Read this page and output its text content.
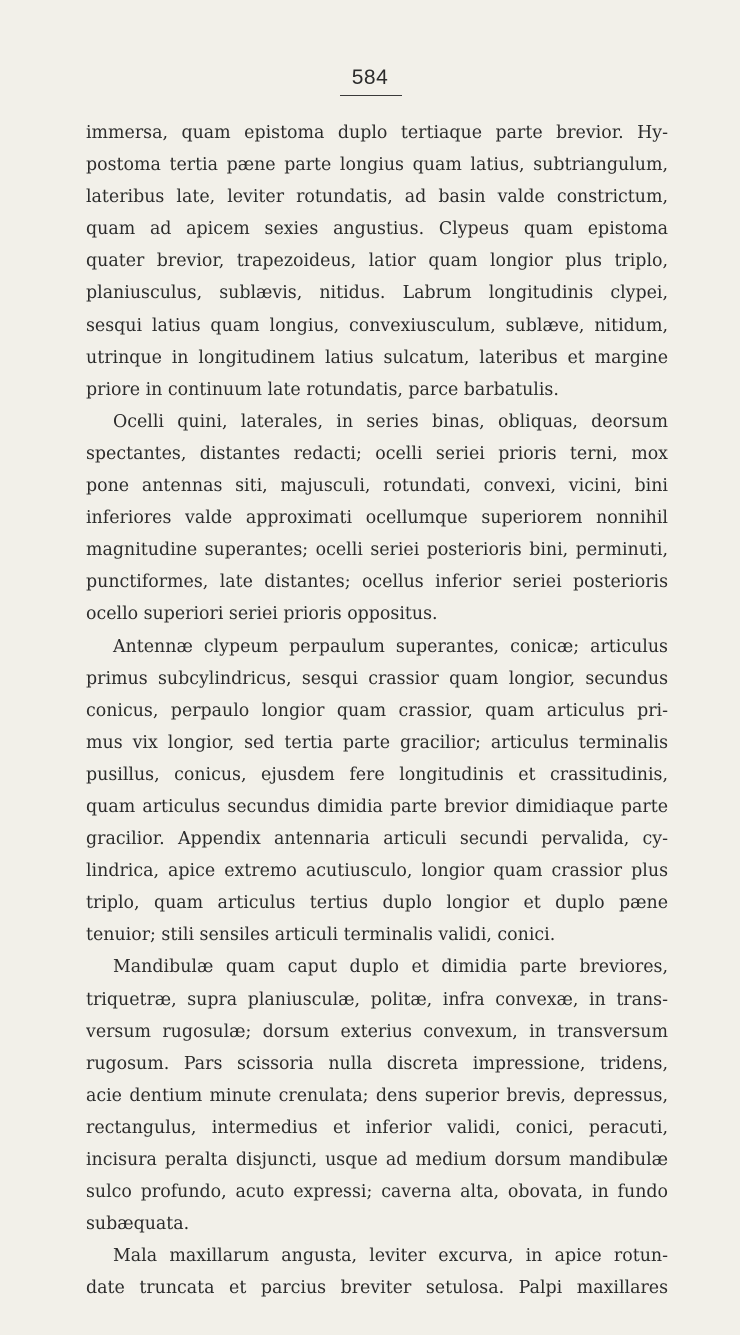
584
immersa, quam epistoma duplo tertiaque parte brevior. Hy-
postoma tertia pæne parte longius quam latius, subtriangulum,
lateribus late, leviter rotundatis, ad basin valde constrictum,
quam ad apicem sexies angustius. Clypeus quam epistoma
quater brevior, trapezoideus, latior quam longior plus triplo,
planiusculus, sublævis, nitidus. Labrum longitudinis clypei,
sesqui latius quam longius, convexiusculum, sublæve, nitidum,
utrinque in longitudinem latius sulcatum, lateribus et margine
priore in continuum late rotundatis, parce barbatulis.
Ocelli quini, laterales, in series binas, obliquas, deorsum
spectantes, distantes redacti; ocelli seriei prioris terni, mox
pone antennas siti, majusculi, rotundati, convexi, vicini, bini
inferiores valde approximati ocellumque superiorem nonnihil
magnitudine superantes; ocelli seriei posterioris bini, perminuti,
punctiformes, late distantes; ocellus inferior seriei posterioris
ocello superiori seriei prioris oppositus.
Antennæ clypeum perpaulum superantes, conicæ; articulus
primus subcylindricus, sesqui crassior quam longior, secundus
conicus, perpaulo longior quam crassior, quam articulus pri-
mus vix longior, sed tertia parte gracilior; articulus terminalis
pusillus, conicus, ejusdem fere longitudinis et crassitudinis,
quam articulus secundus dimidia parte brevior dimidiaque parte
gracilior. Appendix antennaria articuli secundi pervalida, cy-
lindrica, apice extremo acutiusculo, longior quam crassior plus
triplo, quam articulus tertius duplo longior et duplo pæne
tenuior; stili sensiles articuli terminalis validi, conici.
Mandibulæ quam caput duplo et dimidia parte breviores,
triquetræ, supra planiusculæ, politæ, infra convexæ, in trans-
versum rugosulæ; dorsum exterius convexum, in transversum
rugosum. Pars scissoria nulla discreta impressione, tridens,
acie dentium minute crenulata; dens superior brevis, depressus,
rectangulus, intermedius et inferior validi, conici, peracuti,
incisura peralta disjuncti, usque ad medium dorsum mandibulæ
sulco profundo, acuto expressi; caverna alta, obovata, in fundo
subæquata.
Mala maxillarum angusta, leviter excurva, in apice rotun-
date truncata et parcius breviter setulosa. Palpi maxillares
